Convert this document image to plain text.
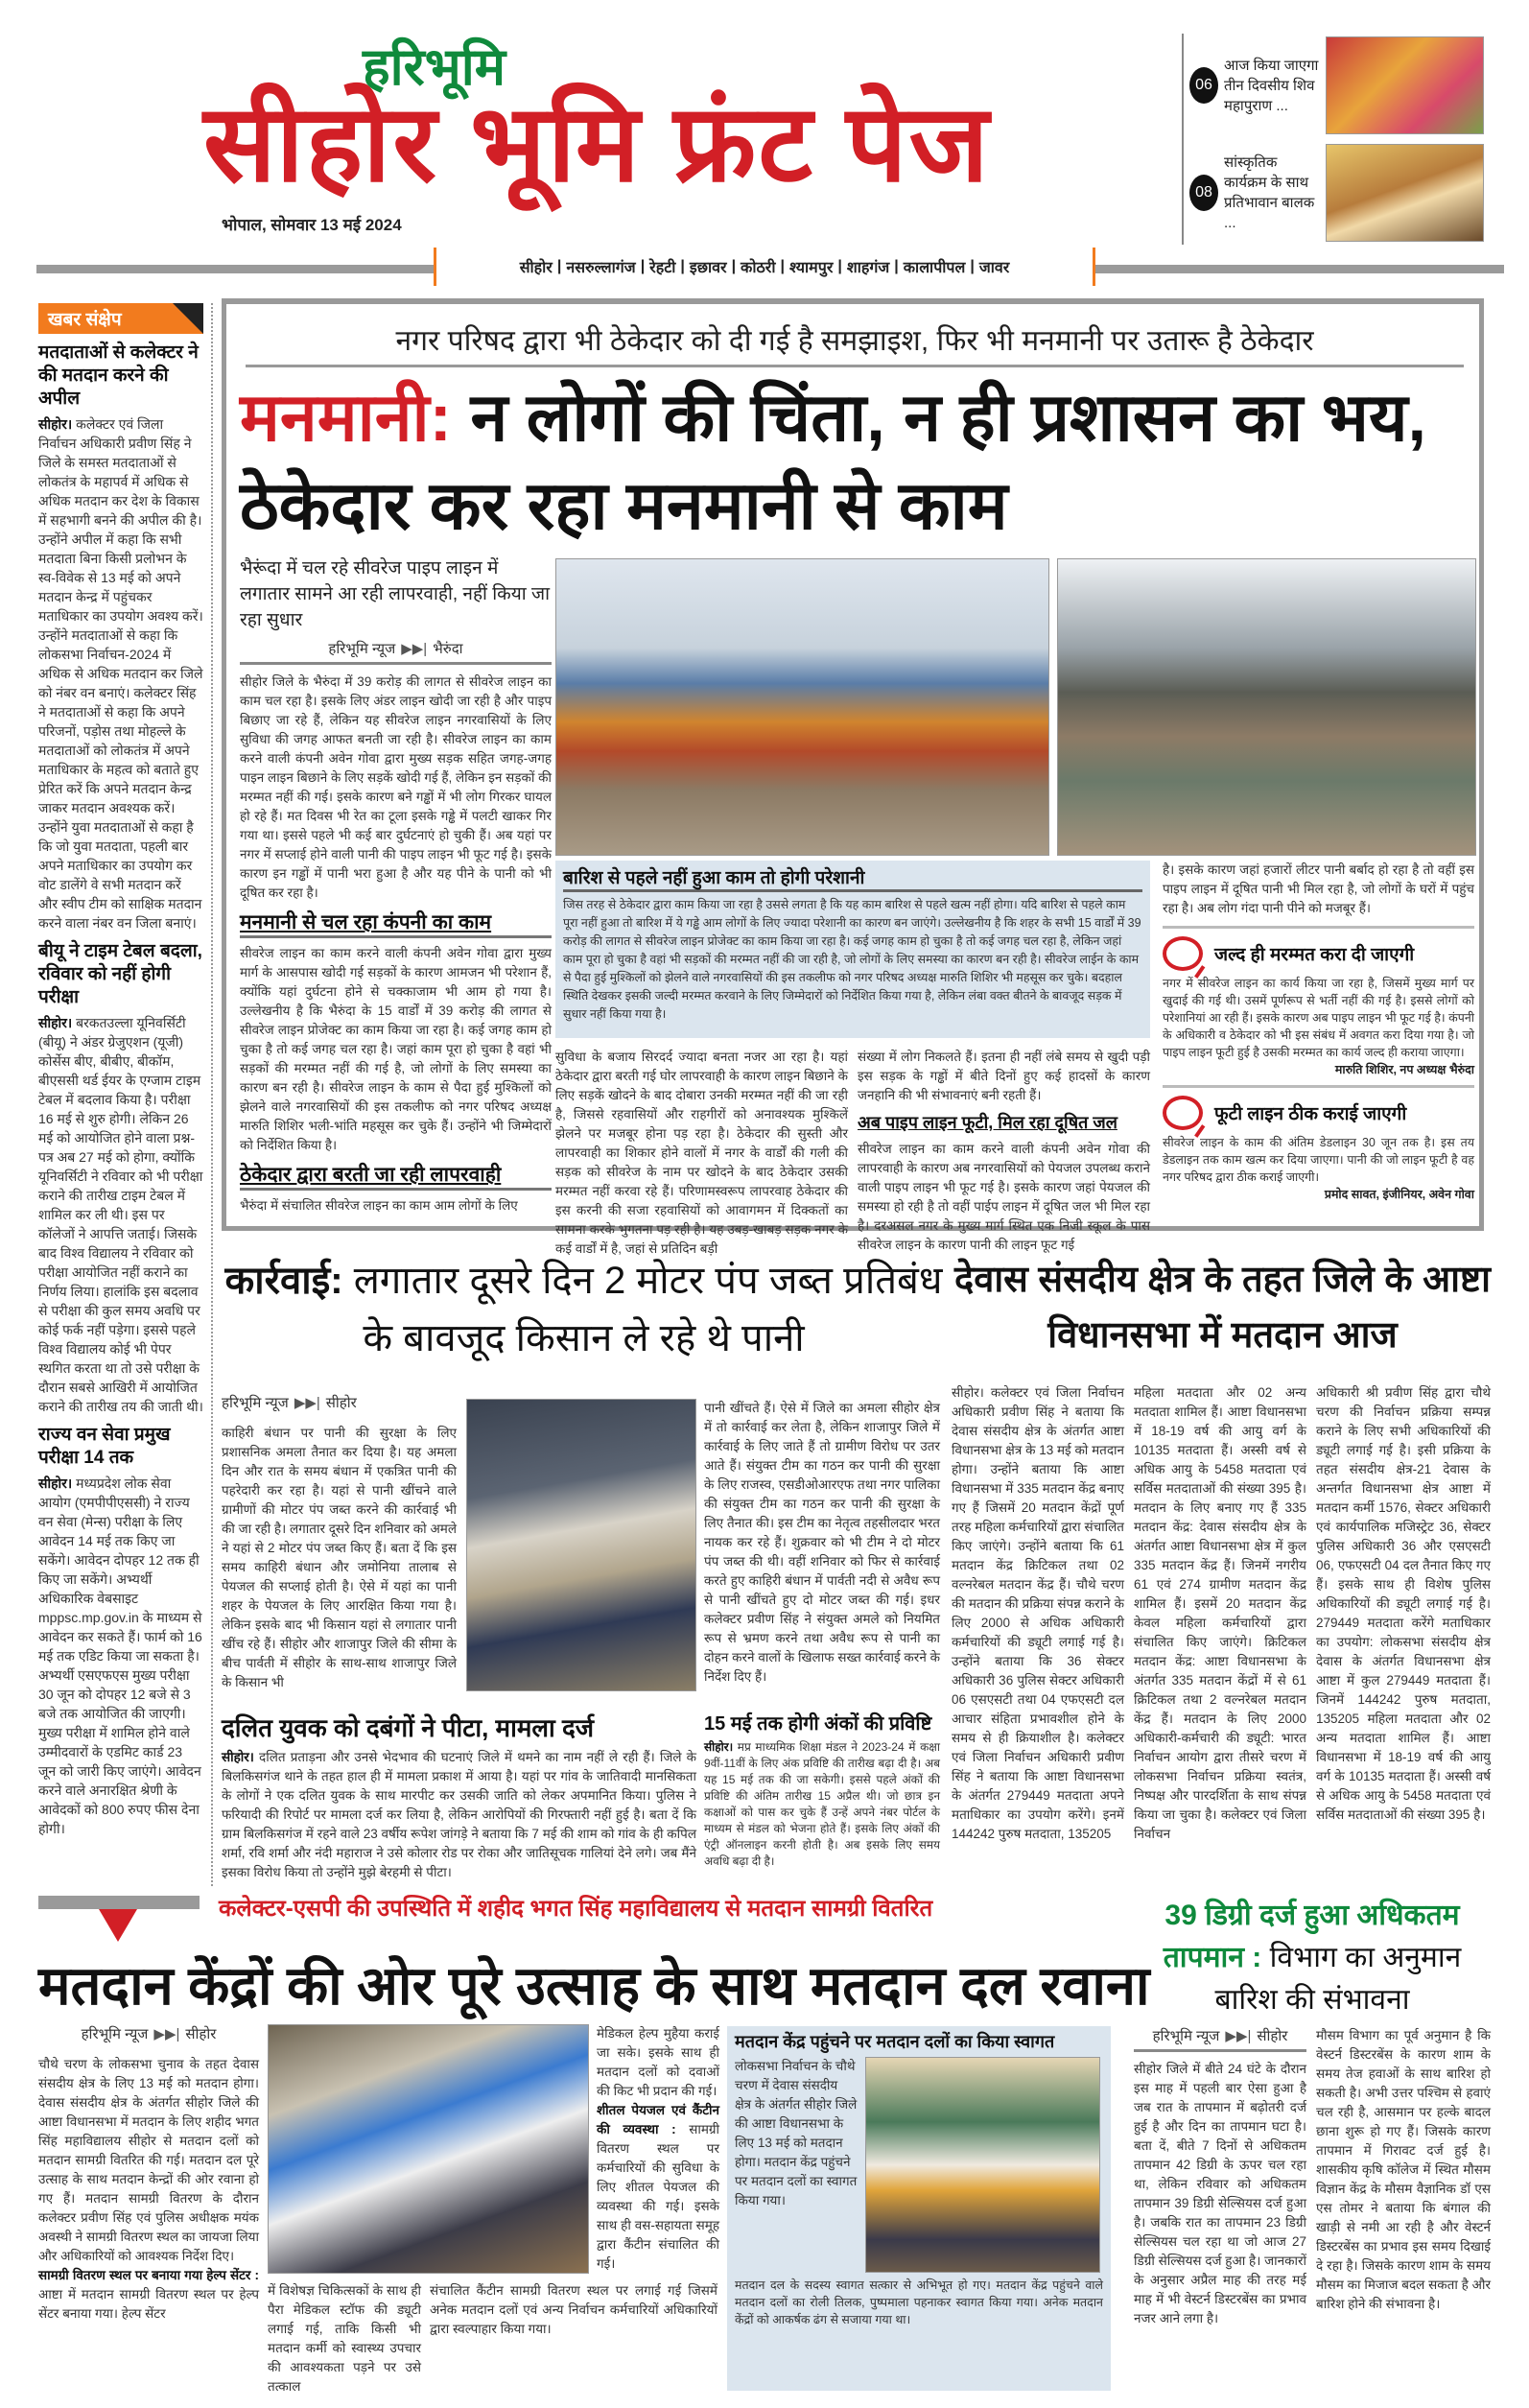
हरिभूमि
सीहोर भूमि फ्रंट पेज
भोपाल, सोमवार 13 मई 2024
06
आज किया जाएगा तीन दिवसीय शिव महापुराण ...
08
सांस्कृतिक कार्यक्रम के साथ प्रतिभावान बालक ...
सीहोर | नसरुल्लागंज | रेहटी | इछावर | कोठरी | श्यामपुर | शाहगंज | कालापीपल | जावर
खबर संक्षेप
मतदाताओं से कलेक्टर ने की मतदान करने की अपील
सीहोर। कलेक्टर एवं जिला निर्वाचन अधिकारी प्रवीण सिंह ने जिले के समस्त मतदाताओं से लोकतंत्र के महापर्व में अधिक से अधिक मतदान कर देश के विकास में सहभागी बनने की अपील की है। उन्होंने अपील में कहा कि सभी मतदाता बिना किसी प्रलोभन के स्व-विवेक से 13 मई को अपने मतदान केन्द्र में पहुंचकर मताधिकार का उपयोग अवश्य करें। उन्होंने मतदाताओं से कहा कि लोकसभा निर्वाचन-2024 में अधिक से अधिक मतदान कर जिले को नंबर वन बनाएं। कलेक्टर सिंह ने मतदाताओं से कहा कि अपने परिजनों, पड़ोस तथा मोहल्ले के मतदाताओं को लोकतंत्र में अपने मताधिकार के महत्व को बताते हुए प्रेरित करें कि अपने मतदान केन्द्र जाकर मतदान अवश्यक करें। उन्होंने युवा मतदाताओं से कहा है कि जो युवा मतदाता, पहली बार अपने मताधिकार का उपयोग कर वोट डालेंगे वे सभी मतदान करें और स्वीप टीम को साक्षिक मतदान करने वाला नंबर वन जिला बनाएं।
बीयू ने टाइम टेबल बदला, रविवार को नहीं होगी परीक्षा
सीहोर। बरकतउल्ला यूनिवर्सिटी (बीयू) ने अंडर ग्रेजुएशन (यूजी) कोर्सेस बीए, बीबीए, बीकॉम, बीएससी थर्ड ईयर के एग्जाम टाइम टेबल में बदलाव किया है। परीक्षा 16 मई से शुरु होगी। लेकिन 26 मई को आयोजित होने वाला प्रश्न-पत्र अब 27 मई को होगा, क्योंकि यूनिवर्सिटी ने रविवार को भी परीक्षा कराने की तारीख टाइम टेबल में शामिल कर ली थी। इस पर कॉलेजों ने आपत्ति जताई। जिसके बाद विश्व विद्यालय ने रविवार को परीक्षा आयोजित नहीं कराने का निर्णय लिया। हालांकि इस बदलाव से परीक्षा की कुल समय अवधि पर कोई फर्क नहीं पड़ेगा। इससे पहले विश्व विद्यालय कोई भी पेपर स्थगित करता था तो उसे परीक्षा के दौरान सबसे आखिरी में आयोजित कराने की तारीख तय की जाती थी।
राज्य वन सेवा प्रमुख परीक्षा 14 तक
सीहोर। मध्यप्रदेश लोक सेवा आयोग (एमपीपीएससी) ने राज्य वन सेवा (मेन्स) परीक्षा के लिए आवेदन 14 मई तक किए जा सकेंगे। आवेदन दोपहर 12 तक ही किए जा सकेंगे। अभ्यर्थी अधिकारिक वेबसाइट mppsc.mp.gov.in के माध्यम से आवेदन कर सकते हैं। फार्म को 16 मई तक एडिट किया जा सकता है। अभ्यर्थी एसएफएस मुख्य परीक्षा 30 जून को दोपहर 12 बजे से 3 बजे तक आयोजित की जाएगी। मुख्य परीक्षा में शामिल होने वाले उम्मीदवारों के एडमिट कार्ड 23 जून को जारी किए जाएंगे। आवेदन करने वाले अनारक्षित श्रेणी के आवेदकों को 800 रुपए फीस देना होगी।
नगर परिषद द्वारा भी ठेकेदार को दी गई है समझाइश, फिर भी मनमानी पर उतारू है ठेकेदार
मनमानी: न लोगों की चिंता, न ही प्रशासन का भय, ठेकेदार कर रहा मनमानी से काम
भैरूंदा में चल रहे सीवरेज पाइप लाइन में लगातार सामने आ रही लापरवाही, नहीं किया जा रहा सुधार
हरिभूमि न्यूज ▶▶| भैरुंदा
सीहोर जिले के भैरुंदा में 39 करोड़ की लागत से सीवरेज लाइन का काम चल रहा है। इसके लिए अंडर लाइन खोदी जा रही है और पाइप बिछाए जा रहे हैं, लेकिन यह सीवरेज लाइन नगरवासियों के लिए सुविधा की जगह आफत बनती जा रही है। सीवरेज लाइन का काम करने वाली कंपनी अवेन गोवा द्वारा मुख्य सड़क सहित जगह-जगह पाइन लाइन बिछाने के लिए सड़कें खोदी गई हैं, लेकिन इन सड़कों की मरम्मत नहीं की गई। इसके कारण बने गड्ढों में भी लोग गिरकर घायल हो रहे हैं। मत दिवस भी रेत का टूला इसके गड्ढे में पलटी खाकर गिर गया था। इससे पहले भी कई बार दुर्घटनाएं हो चुकी हैं। अब यहां पर नगर में सप्लाई होने वाली पानी की पाइप लाइन भी फूट गई है। इसके कारण इन गड्ढों में पानी भरा हुआ है और यह पीने के पानी को भी दूषित कर रहा है।
मनमानी से चल रहा कंपनी का काम
सीवरेज लाइन का काम करने वाली कंपनी अवेन गोवा द्वारा मुख्य मार्ग के आसपास खोदी गई सड़कों के कारण आमजन भी परेशान हैं, क्योंकि यहां दुर्घटना होने से चक्काजाम भी आम हो गया है। उल्लेखनीय है कि भैरुंदा के 15 वार्डों में 39 करोड़ की लागत से सीवरेज लाइन प्रोजेक्ट का काम किया जा रहा है। कई जगह काम हो चुका है तो कई जगह चल रहा है। जहां काम पूरा हो चुका है वहां भी सड़कों की मरम्मत नहीं की गई है, जो लोगों के लिए समस्या का कारण बन रही है। सीवरेज लाइन के काम से पैदा हुई मुश्किलों को झेलने वाले नगरवासियों की इस तकलीफ को नगर परिषद अध्यक्ष मारुति शिशिर भली-भांति महसूस कर चुके हैं। उन्होंने भी जिम्मेदारों को निर्देशित किया है।
ठेकेदार द्वारा बरती जा रही लापरवाही
भैरुंदा में संचालित सीवरेज लाइन का काम आम लोगों के लिए
बारिश से पहले नहीं हुआ काम तो होगी परेशानी
जिस तरह से ठेकेदार द्वारा काम किया जा रहा है उससे लगता है कि यह काम बारिश से पहले खत्म नहीं होगा। यदि बारिश से पहले काम पूरा नहीं हुआ तो बारिश में ये गड्ढे आम लोगों के लिए ज्यादा परेशानी का कारण बन जाएंगे। उल्लेखनीय है कि शहर के सभी 15 वार्डों में 39 करोड़ की लागत से सीवरेज लाइन प्रोजेक्ट का काम किया जा रहा है। कई जगह काम हो चुका है तो कई जगह चल रहा है, लेकिन जहां काम पूरा हो चुका है वहां भी सड़कों की मरम्मत नहीं की जा रही है, जो लोगों के लिए समस्या का कारण बन रही है। सीवरेज लाईन के काम से पैदा हुई मुश्किलों को झेलने वाले नगरवासियों की इस तकलीफ को नगर परिषद अध्यक्ष मारुति शिशिर भी महसूस कर चुके। बदहाल स्थिति देखकर इसकी जल्दी मरम्मत करवाने के लिए जिम्मेदारों को निर्देशित किया गया है, लेकिन लंबा वक्त बीतने के बावजूद सड़क में सुधार नहीं किया गया है।
सुविधा के बजाय सिरदर्द ज्यादा बनता नजर आ रहा है। यहां ठेकेदार द्वारा बरती गई घोर लापरवाही के कारण लाइन बिछाने के लिए सड़कें खोदने के बाद दोबारा उनकी मरम्मत नहीं की जा रही है, जिससे रहवासियों और राहगीरों को अनावश्यक मुश्किलें झेलने पर मजबूर होना पड़ रहा है। ठेकेदार की सुस्ती और लापरवाही का शिकार होने वालों में नगर के वार्डों की गली की सड़क को सीवरेज के नाम पर खोदने के बाद ठेकेदार उसकी मरम्मत नहीं करवा रहे हैं। परिणामस्वरूप लापरवाह ठेकेदार की इस करनी की सजा रहवासियों को आवागमन में दिक्कतों का सामना करके भुगतना पड़ रही है। यह उबड़-खाबड़ सड़क नगर के कई वार्डों में है, जहां से प्रतिदिन बड़ी
संख्या में लोग निकलते हैं। इतना ही नहीं लंबे समय से खुदी पड़ी इस सड़क के गड्ढों में बीते दिनों हुए कई हादसों के कारण जनहानि की भी संभावनाएं बनी रहती हैं।
अब पाइप लाइन फूटी, मिल रहा दूषित जल
सीवरेज लाइन का काम करने वाली कंपनी अवेन गोवा की लापरवाही के कारण अब नगरवासियों को पेयजल उपलब्ध कराने वाली पाइप लाइन भी फूट गई है। इसके कारण जहां पेयजल की समस्या हो रही है तो वहीं पाईप लाइन में दूषित जल भी मिल रहा है। दरअसल नगर के मुख्य मार्ग स्थित एक निजी स्कूल के पास सीवरेज लाइन के कारण पानी की लाइन फूट गई
है। इसके कारण जहां हजारों लीटर पानी बर्बाद हो रहा है तो वहीं इस पाइप लाइन में दूषित पानी भी मिल रहा है, जो लोगों के घरों में पहुंच रहा है। अब लोग गंदा पानी पीने को मजबूर हैं।
जल्द ही मरम्मत करा दी जाएगी
नगर में सीवरेज लाइन का कार्य किया जा रहा है, जिसमें मुख्य मार्ग पर खुदाई की गई थी। उसमें पूर्णरूप से भर्ती नहीं की गई है। इससे लोगों को परेशानियां आ रही हैं। इसके कारण अब पाइप लाइन भी फूट गई है। कंपनी के अधिकारी व ठेकेदार को भी इस संबंध में अवगत करा दिया गया है। जो पाइप लाइन फूटी हुई है उसकी मरम्मत का कार्य जल्द ही कराया जाएगा।
मारुति शिशिर, नप अध्यक्ष भैरुंदा
फूटी लाइन ठीक कराई जाएगी
सीवरेज लाइन के काम की अंतिम डेडलाइन 30 जून तक है। इस तय डेडलाइन तक काम खत्म कर दिया जाएगा। पानी की जो लाइन फूटी है वह नगर परिषद द्वारा ठीक कराई जाएगी।
प्रमोद सावत, इंजीनियर, अवेन गोवा
कार्रवाई: लगातार दूसरे दिन 2 मोटर पंप जब्त प्रतिबंध के बावजूद किसान ले रहे थे पानी
हरिभूमि न्यूज ▶▶| सीहोर
काहिरी बंधान पर पानी की सुरक्षा के लिए प्रशासनिक अमला तैनात कर दिया है। यह अमला दिन और रात के समय बंधान में एकत्रित पानी की पहरेदारी कर रहा है। यहां से पानी खींचने वाले ग्रामीणों की मोटर पंप जब्त करने की कार्रवाई भी की जा रही है। लगातार दूसरे दिन शनिवार को अमले ने यहां से 2 मोटर पंप जब्त किए हैं। बता दें कि इस समय काहिरी बंधान और जमोनिया तालाब से पेयजल की सप्लाई होती है। ऐसे में यहां का पानी शहर के पेयजल के लिए आरक्षित किया गया है। लेकिन इसके बाद भी किसान यहां से लगातार पानी खींच रहे हैं। सीहोर और शाजापुर जिले की सीमा के बीच पार्वती में सीहोर के साथ-साथ शाजापुर जिले के किसान भी
पानी खींचते हैं। ऐसे में जिले का अमला सीहोर क्षेत्र में तो कार्रवाई कर लेता है, लेकिन शाजापुर जिले में कार्रवाई के लिए जाते हैं तो ग्रामीण विरोध पर उतर आते हैं। संयुक्त टीम का गठन कर पानी की सुरक्षा के लिए राजस्व, एसडीओआरएफ तथा नगर पालिका की संयुक्त टीम का गठन कर पानी की सुरक्षा के लिए तैनात की। इस टीम का नेतृत्व तहसीलदार भरत नायक कर रहे हैं। शुक्रवार को भी टीम ने दो मोटर पंप जब्त की थी। वहीं शनिवार को फिर से कार्रवाई करते हुए काहिरी बंधान में पार्वती नदी से अवैध रूप से पानी खींचते हुए दो मोटर जब्त की गई। इधर कलेक्टर प्रवीण सिंह ने संयुक्त अमले को नियमित रूप से भ्रमण करने तथा अवैध रूप से पानी का दोहन करने वालों के खिलाफ सख्त कार्रवाई करने के निर्देश दिए हैं।
दलित युवक को दबंगों ने पीटा, मामला दर्ज
सीहोर। दलित प्रताड़ना और उनसे भेदभाव की घटनाएं जिले में थमने का नाम नहीं ले रही हैं। जिले के बिलकिसगंज थाने के तहत हाल ही में मामला प्रकाश में आया है। यहां पर गांव के जातिवादी मानसिकता के लोगों ने एक दलित युवक के साथ मारपीट कर उसकी जाति को लेकर अपमानित किया। पुलिस ने फरियादी की रिपोर्ट पर मामला दर्ज कर लिया है, लेकिन आरोपियों की गिरफ्तारी नहीं हुई है। बता दें कि ग्राम बिलकिसगंज में रहने वाले 23 वर्षीय रूपेश जांगड़े ने बताया कि 7 मई की शाम को गांव के ही कपिल शर्मा, रवि शर्मा और नंदी महाराज ने उसे कोलार रोड पर रोका और जातिसूचक गालियां देने लगे। जब मैंने इसका विरोध किया तो उन्होंने मुझे बेरहमी से पीटा।
15 मई तक होगी अंकों की प्रविष्टि
सीहोर। मप्र माध्यमिक शिक्षा मंडल ने 2023-24 में कक्षा 9वीं-11वीं के लिए अंक प्रविष्टि की तारीख बढ़ा दी है। अब यह 15 मई तक की जा सकेगी। इससे पहले अंकों की प्रविष्टि की अंतिम तारीख 15 अप्रैल थी। जो छात्र इन कक्षाओं को पास कर चुके हैं उन्हें अपने नंबर पोर्टल के माध्यम से मंडल को भेजना होते हैं। इसके लिए अंकों की एंट्री ऑनलाइन करनी होती है। अब इसके लिए समय अवधि बढ़ा दी है।
देवास संसदीय क्षेत्र के तहत जिले के आष्टा विधानसभा में मतदान आज
सीहोर। कलेक्टर एवं जिला निर्वाचन अधिकारी प्रवीण सिंह ने बताया कि देवास संसदीय क्षेत्र के अंतर्गत आष्टा विधानसभा क्षेत्र के 13 मई को मतदान होगा। उन्होंने बताया कि आष्टा विधानसभा में 335 मतदान केंद्र बनाए गए हैं जिसमें 20 मतदान केंद्रों पूर्ण तरह महिला कर्मचारियों द्वारा संचालित किए जाएंगे। उन्होंने बताया कि 61 मतदान केंद्र क्रिटिकल तथा 02 वल्नरेबल मतदान केंद्र हैं। चौथे चरण की मतदान की प्रक्रिया संपन्न कराने के लिए 2000 से अधिक अधिकारी कर्मचारियों की ड्यूटी लगाई गई है। उन्होंने बताया कि 36 सेक्टर अधिकारी 36 पुलिस सेक्टर अधिकारी 06 एसएसटी तथा 04 एफएसटी दल आचार संहिता प्रभावशील होने के समय से ही क्रियाशील है। कलेक्टर एवं जिला निर्वाचन अधिकारी प्रवीण सिंह ने बताया कि आष्टा विधानसभा के अंतर्गत 279449 मतदाता अपने मताधिकार का उपयोग करेंगे। इनमें 144242 पुरुष मतदाता, 135205
महिला मतदाता और 02 अन्य मतदाता शामिल हैं। आष्टा विधानसभा में 18-19 वर्ष की आयु वर्ग के 10135 मतदाता हैं। अस्सी वर्ष से अधिक आयु के 5458 मतदाता एवं सर्विस मतदाताओं की संख्या 395 है। मतदान के लिए बनाए गए हैं 335 मतदान केंद्र: देवास संसदीय क्षेत्र के अंतर्गत आष्टा विधानसभा क्षेत्र में कुल 335 मतदान केंद्र हैं। जिनमें नगरीय 61 एवं 274 ग्रामीण मतदान केंद्र शामिल हैं। इसमें 20 मतदान केंद्र केवल महिला कर्मचारियों द्वारा संचालित किए जाएंगे। क्रिटिकल मतदान केंद्र: आष्टा विधानसभा के अंतर्गत 335 मतदान केंद्रों में से 61 क्रिटिकल तथा 2 वल्नरेबल मतदान केंद्र हैं। मतदान के लिए 2000 अधिकारी-कर्मचारी की ड्यूटी: भारत निर्वाचन आयोग द्वारा तीसरे चरण में लोकसभा निर्वाचन प्रक्रिया स्वतंत्र, निष्पक्ष और पारदर्शिता के साथ संपन्न किया जा चुका है। कलेक्टर एवं जिला निर्वाचन
अधिकारी श्री प्रवीण सिंह द्वारा चौथे चरण की निर्वाचन प्रक्रिया सम्पन्न कराने के लिए सभी अधिकारियों की ड्यूटी लगाई गई है। इसी प्रक्रिया के तहत संसदीय क्षेत्र-21 देवास के अन्तर्गत विधानसभा क्षेत्र आष्टा में मतदान कर्मी 1576, सेक्टर अधिकारी एवं कार्यपालिक मजिस्ट्रेट 36, सेक्टर पुलिस अधिकारी 36 और एसएसटी 06, एफएसटी 04 दल तैनात किए गए हैं। इसके साथ ही विशेष पुलिस अधिकारियों की ड्यूटी लगाई गई है। 279449 मतदाता करेंगे मताधिकार का उपयोग: लोकसभा संसदीय क्षेत्र देवास के अंतर्गत विधानसभा क्षेत्र आष्टा में कुल 279449 मतदाता हैं। जिनमें 144242 पुरुष मतदाता, 135205 महिला मतदाता और 02 अन्य मतदाता शामिल हैं। आष्टा विधानसभा में 18-19 वर्ष की आयु वर्ग के 10135 मतदाता हैं। अस्सी वर्ष से अधिक आयु के 5458 मतदाता एवं सर्विस मतदाताओं की संख्या 395 है।
कलेक्टर-एसपी की उपस्थिति में शहीद भगत सिंह महाविद्यालय से मतदान सामग्री वितरित
मतदान केंद्रों की ओर पूरे उत्साह के साथ मतदान दल रवाना
हरिभूमि न्यूज ▶▶| सीहोर
चौथे चरण के लोकसभा चुनाव के तहत देवास संसदीय क्षेत्र के लिए 13 मई को मतदान होगा। देवास संसदीय क्षेत्र के अंतर्गत सीहोर जिले की आष्टा विधानसभा में मतदान के लिए शहीद भगत सिंह महाविद्यालय सीहोर से मतदान दलों को मतदान सामग्री वितरित की गई। मतदान दल पूरे उत्साह के साथ मतदान केन्द्रों की ओर रवाना हो गए हैं। मतदान सामग्री वितरण के दौरान कलेक्टर प्रवीण सिंह एवं पुलिस अधीक्षक मयंक अवस्थी ने सामग्री वितरण स्थल का जायजा लिया और अधिकारियों को आवश्यक निर्देश दिए।
सामग्री वितरण स्थल पर बनाया गया हेल्प सेंटर : आष्टा में मतदान सामग्री वितरण स्थल पर हेल्प सेंटर बनाया गया। हेल्प सेंटर
में विशेषज्ञ चिकित्सकों के साथ ही पैरा मेडिकल स्टॉफ की ड्यूटी लगाई गई, ताकि किसी भी मतदान कर्मी को स्वास्थ्य उपचार की आवश्यकता पड़ने पर उसे तत्काल
संचालित कैंटीन सामग्री वितरण स्थल पर लगाई गई जिसमें अनेक मतदान दलों एवं अन्य निर्वाचन कर्मचारियों अधिकारियों द्वारा स्वल्पाहार किया गया।
मेडिकल हेल्प मुहैया कराई जा सके। इसके साथ ही मतदान दलों को दवाओं की किट भी प्रदान की गई।
शीतल पेयजल एवं कैंटीन की व्यवस्था : सामग्री वितरण स्थल पर कर्मचारियों की सुविधा के लिए शीतल पेयजल की व्यवस्था की गई। इसके साथ ही वस-सहायता समूह द्वारा कैंटीन संचालित की गई।
मतदान केंद्र पहुंचने पर मतदान दलों का किया स्वागत
लोकसभा निर्वाचन के चौथे चरण में देवास संसदीय क्षेत्र के अंतर्गत सीहोर जिले की आष्टा विधानसभा के लिए 13 मई को मतदान होगा। मतदान केंद्र पहुंचने पर मतदान दलों का स्वागत किया गया।
मतदान दल के सदस्य स्वागत सत्कार से अभिभूत हो गए। मतदान केंद्र पहुंचने वाले मतदान दलों का रोली तिलक, पुष्पमाला पहनाकर स्वागत किया गया। अनेक मतदान केंद्रों को आकर्षक ढंग से सजाया गया था।
39 डिग्री दर्ज हुआ अधिकतम तापमान : विभाग का अनुमान बारिश की संभावना
हरिभूमि न्यूज ▶▶| सीहोर
सीहोर जिले में बीते 24 घंटे के दौरान इस माह में पहली बार ऐसा हुआ है जब रात के तापमान में बढ़ोतरी दर्ज हुई है और दिन का तापमान घटा है। बता दें, बीते 7 दिनों से अधिकतम तापमान 42 डिग्री के ऊपर चल रहा था, लेकिन रविवार को अधिकतम तापमान 39 डिग्री सेल्सियस दर्ज हुआ है। जबकि रात का तापमान 23 डिग्री सेल्सियस चल रहा था जो आज 27 डिग्री सेल्सियस दर्ज हुआ है। जानकारों के अनुसार अप्रैल माह की तरह मई माह में भी वेस्टर्न डिस्टरबेंस का प्रभाव नजर आने लगा है।
मौसम विभाग का पूर्व अनुमान है कि वेस्टर्न डिस्टरबेंस के कारण शाम के समय तेज हवाओं के साथ बारिश हो सकती है। अभी उत्तर पश्चिम से हवाएं चल रही है, आसमान पर हल्के बादल छाना शुरू हो गए हैं। जिसके कारण तापमान में गिरावट दर्ज हुई है। शासकीय कृषि कॉलेज में स्थित मौसम विज्ञान केंद्र के मौसम वैज्ञानिक डॉ एस एस तोमर ने बताया कि बंगाल की खाड़ी से नमी आ रही है और वेस्टर्न डिस्टरबेंस का प्रभाव इस समय दिखाई दे रहा है। जिसके कारण शाम के समय मौसम का मिजाज बदल सकता है और बारिश होने की संभावना है।
